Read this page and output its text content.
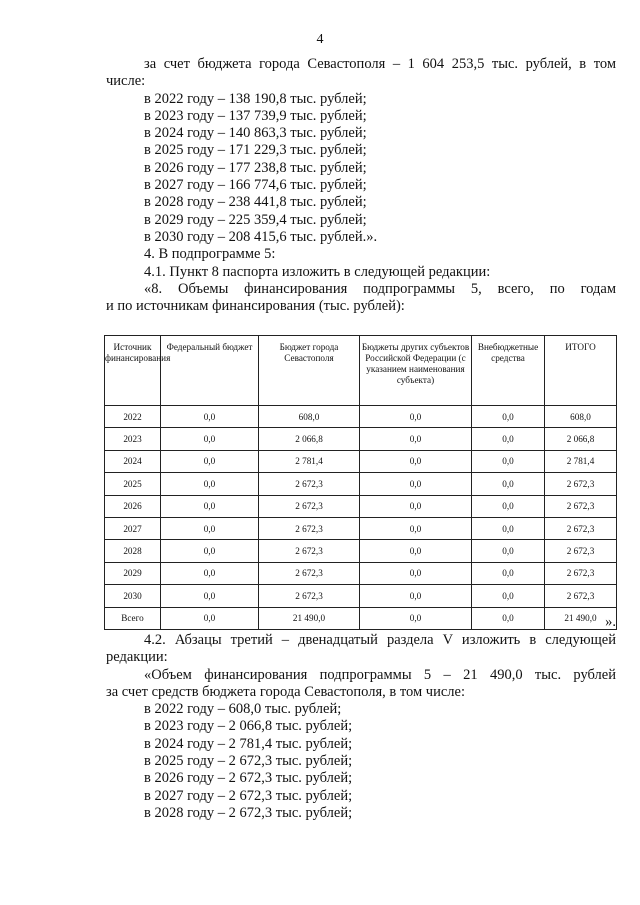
4

за счет бюджета города Севастополя – 1 604 253,5 тыс. рублей, в том

числе:

в 2022 году – 138 190,8 тыс. рублей;

в 2023 году – 137 739,9 тыс. рублей;

в 2024 году – 140 863,3 тыс. рублей;

в 2025 году – 171 229,3 тыс. рублей;

в 2026 году – 177 238,8 тыс. рублей;

в 2027 году – 166 774,6 тыс. рублей;

в 2028 году – 238 441,8 тыс. рублей;

в 2029 году – 225 359,4 тыс. рублей;

в 2030 году – 208 415,6 тыс. рублей.».

4. В подпрограмме 5:

4.1. Пункт 8 паспорта изложить в следующей редакции:

«8. Объемы финансирования подпрограммы 5, всего, по годам

и по источникам финансирования (тыс. рублей):

Источник финансирования	Федеральный бюджет	Бюджет города Севастополя	Бюджеты других субъектов Российской Федерации (с указанием наименования субъекта)	Внебюджетные средства	ИТОГО
2022	0,0	608,0	0,0	0,0	608,0
2023	0,0	2 066,8	0,0	0,0	2 066,8
2024	0,0	2 781,4	0,0	0,0	2 781,4
2025	0,0	2 672,3	0,0	0,0	2 672,3
2026	0,0	2 672,3	0,0	0,0	2 672,3
2027	0,0	2 672,3	0,0	0,0	2 672,3
2028	0,0	2 672,3	0,0	0,0	2 672,3
2029	0,0	2 672,3	0,0	0,0	2 672,3
2030	0,0	2 672,3	0,0	0,0	2 672,3
Всего	0,0	21 490,0	0,0	0,0	21 490,0 ».

4.2. Абзацы третий – двенадцатый раздела V изложить в следующей

редакции:

«Объем финансирования подпрограммы 5 – 21 490,0 тыс. рублей

за счет средств бюджета города Севастополя, в том числе:

в 2022 году – 608,0 тыс. рублей;

в 2023 году – 2 066,8 тыс. рублей;

в 2024 году – 2 781,4 тыс. рублей;

в 2025 году – 2 672,3 тыс. рублей;

в 2026 году – 2 672,3 тыс. рублей;

в 2027 году – 2 672,3 тыс. рублей;

в 2028 году – 2 672,3 тыс. рублей;
